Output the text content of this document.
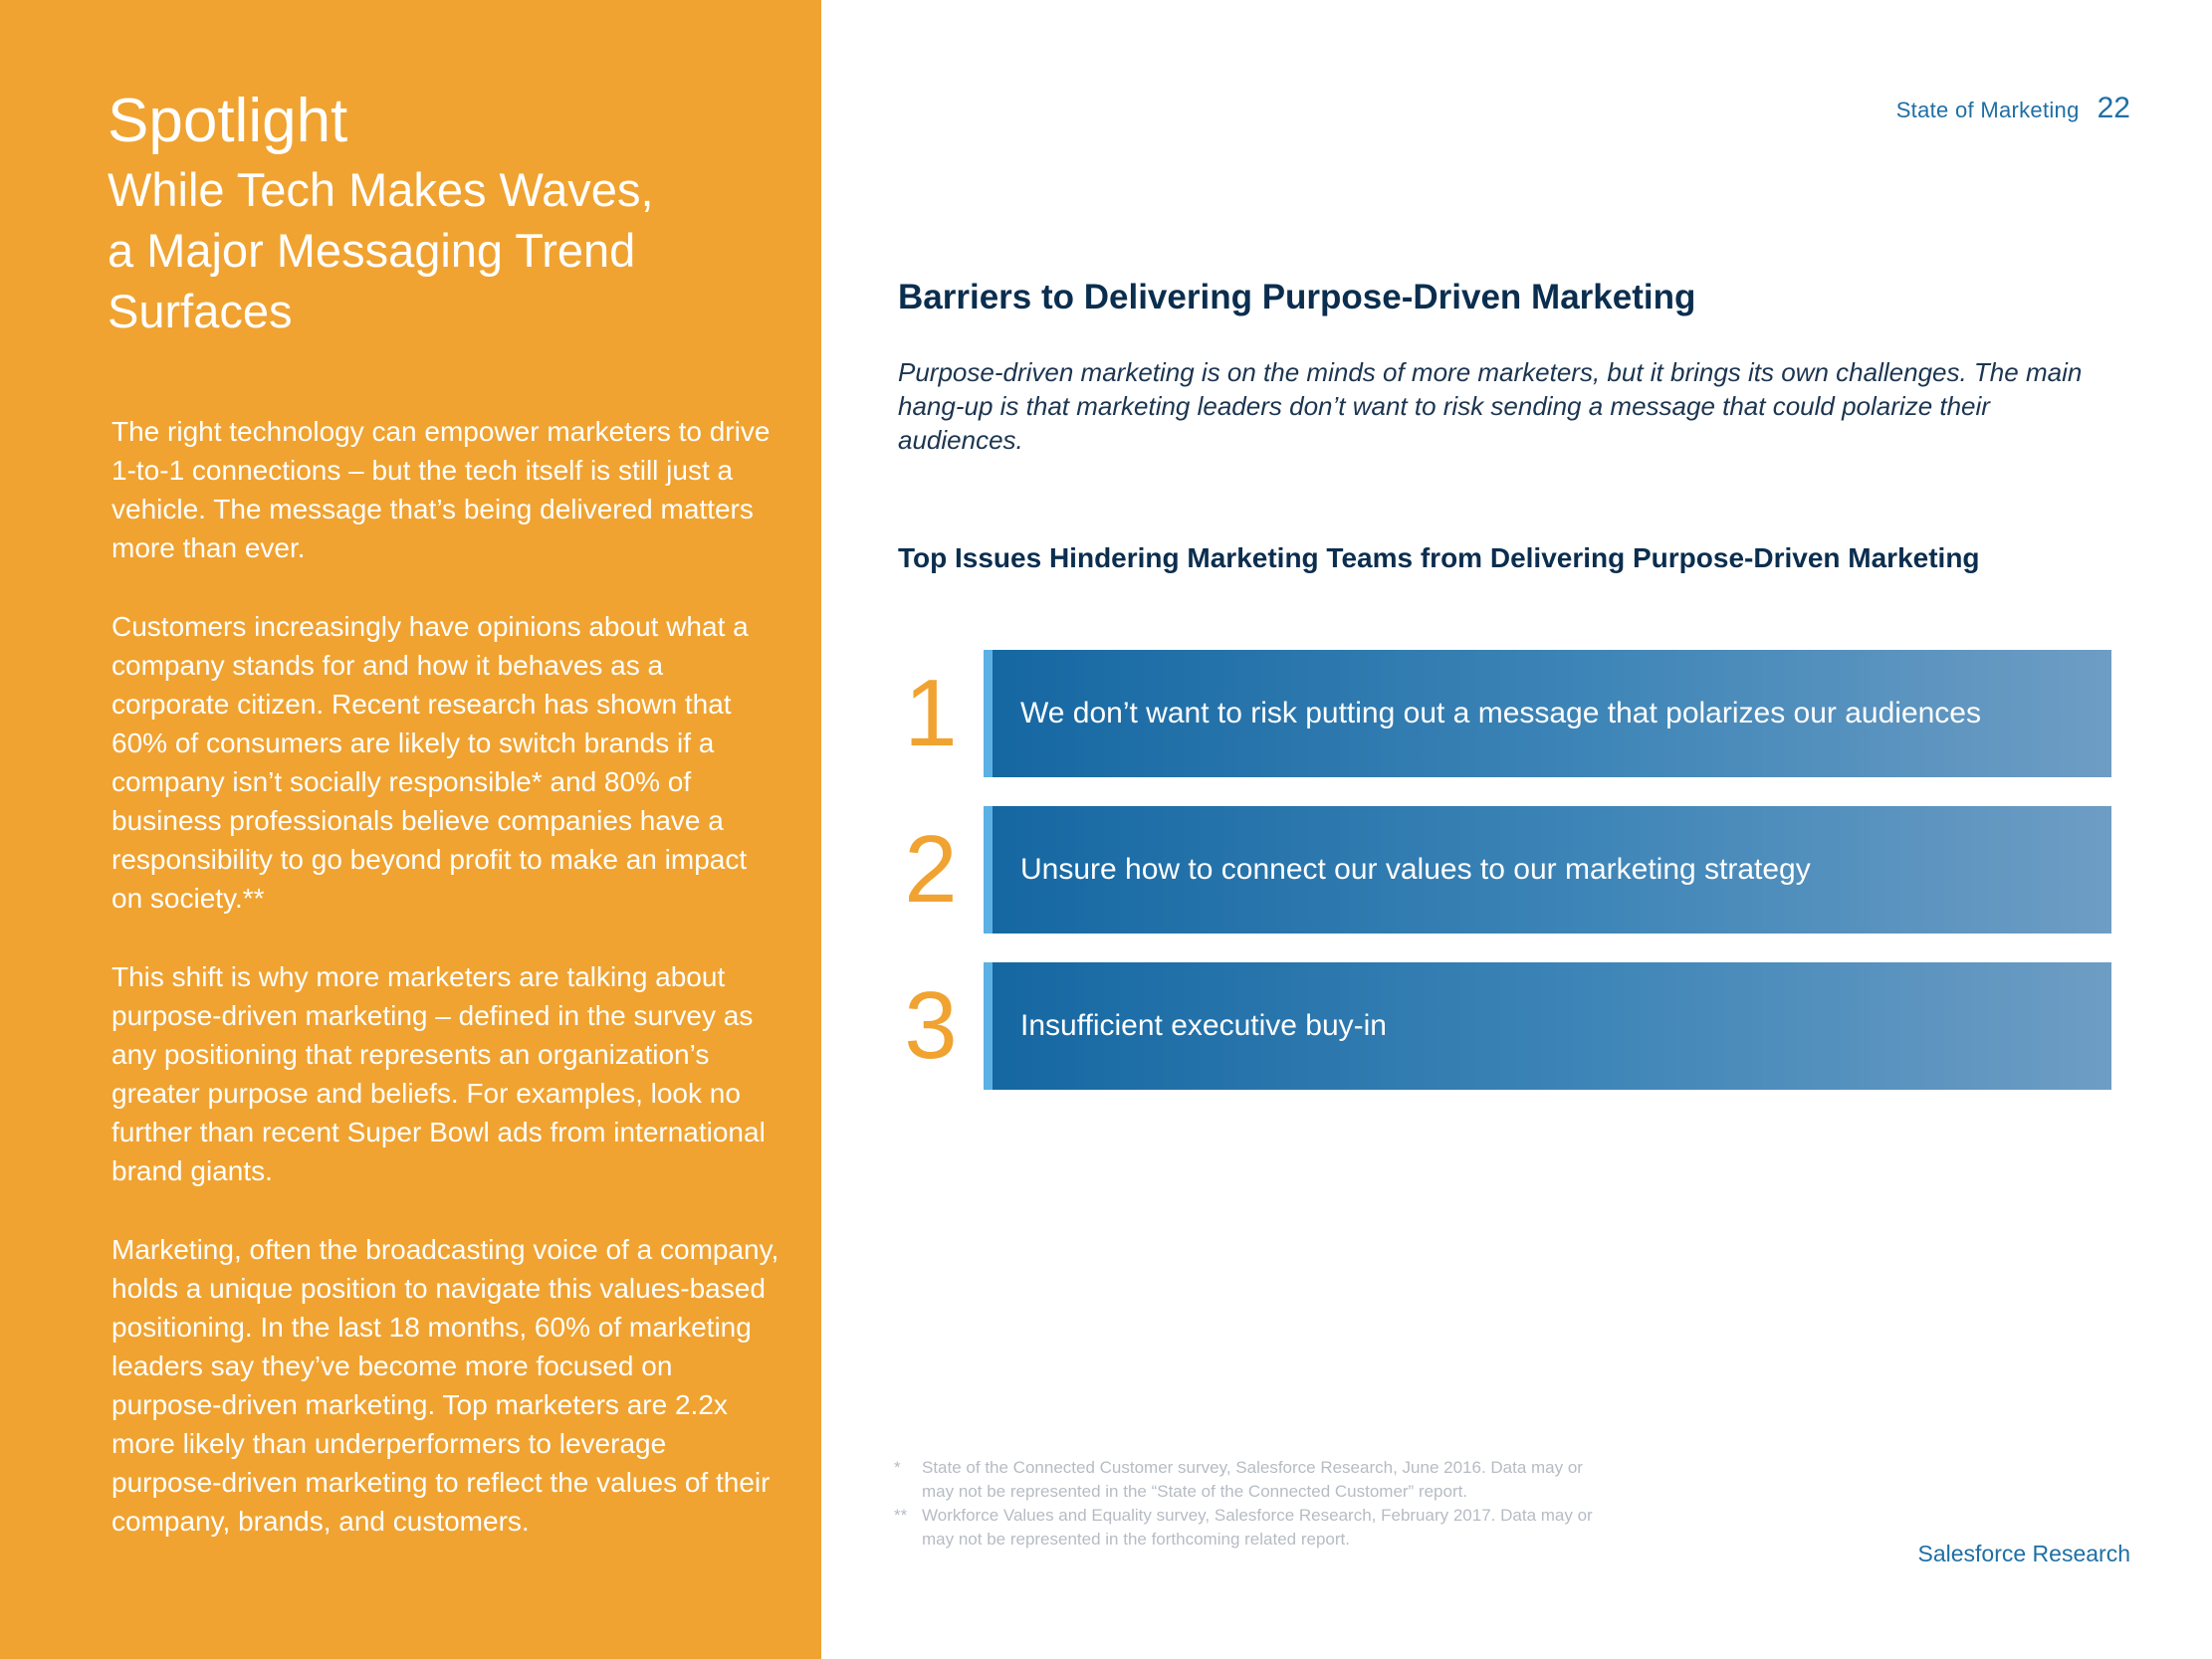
Spotlight
While Tech Makes Waves,
a Major Messaging Trend
Surfaces

The right technology can empower marketers to drive 1-to-1 connections – but the tech itself is still just a vehicle. The message that’s being delivered matters more than ever.

Customers increasingly have opinions about what a company stands for and how it behaves as a corporate citizen. Recent research has shown that 60% of consumers are likely to switch brands if a company isn’t socially responsible* and 80% of business professionals believe companies have a responsibility to go beyond profit to make an impact on society.**

This shift is why more marketers are talking about purpose-driven marketing – defined in the survey as any positioning that represents an organization’s greater purpose and beliefs. For examples, look no further than recent Super Bowl ads from international brand giants.

Marketing, often the broadcasting voice of a company, holds a unique position to navigate this values-based positioning. In the last 18 months, 60% of marketing leaders say they’ve become more focused on purpose-driven marketing. Top marketers are 2.2x more likely than underperformers to leverage purpose-driven marketing to reflect the values of their company, brands, and customers.

State of Marketing 22
Barriers to Delivering Purpose-Driven Marketing
Purpose-driven marketing is on the minds of more marketers, but it brings its own challenges. The main hang-up is that marketing leaders don’t want to risk sending a message that could polarize their audiences.
Top Issues Hindering Marketing Teams from Delivering Purpose-Driven Marketing
1 We don’t want to risk putting out a message that polarizes our audiences
2 Unsure how to connect our values to our marketing strategy
3 Insufficient executive buy-in
* State of the Connected Customer survey, Salesforce Research, June 2016. Data may or may not be represented in the “State of the Connected Customer” report.
** Workforce Values and Equality survey, Salesforce Research, February 2017. Data may or may not be represented in the forthcoming related report.
Salesforce Research
